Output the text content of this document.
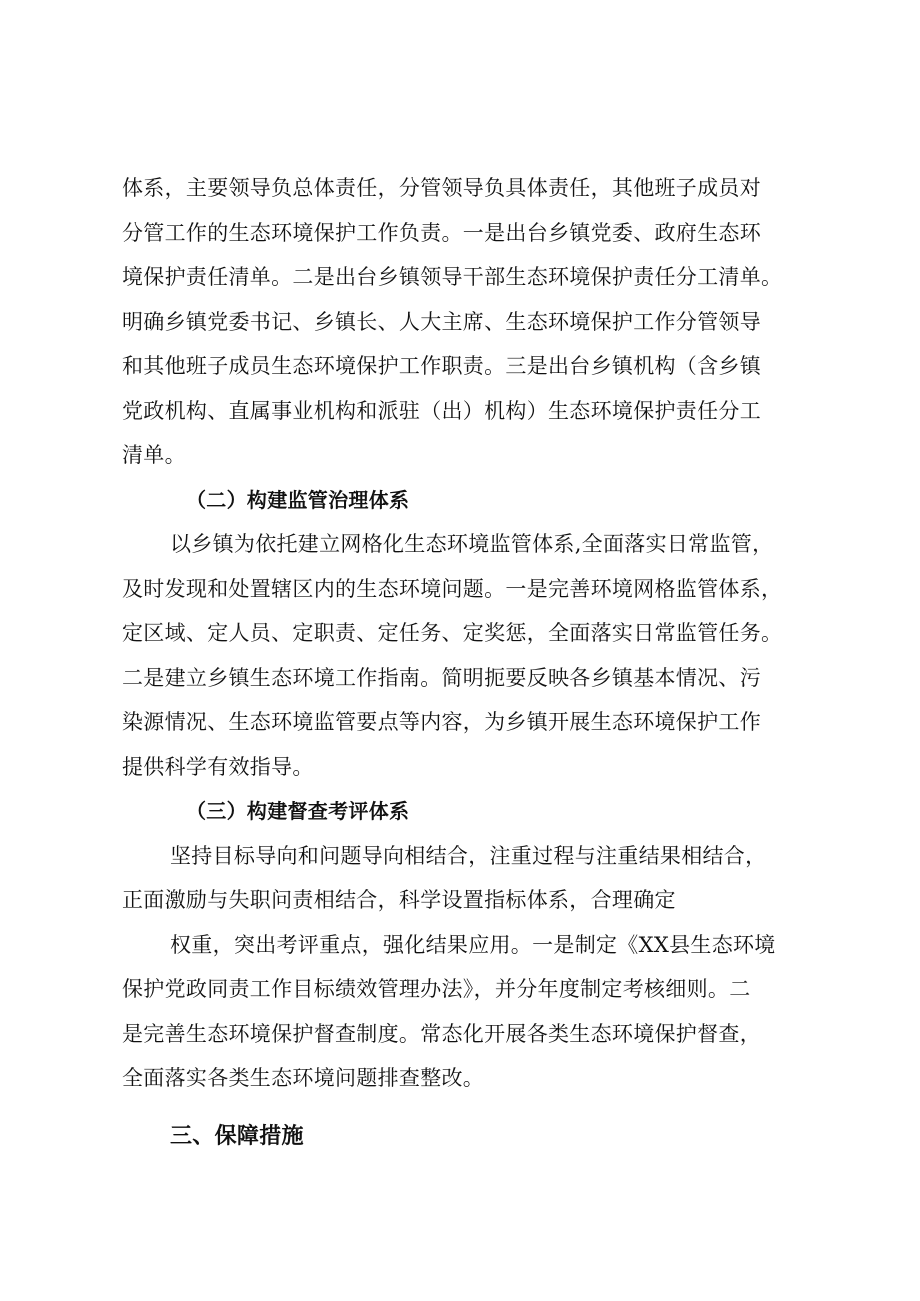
体系，主要领导负总体责任，分管领导负具体责任，其他班子成员对
分管工作的生态环境保护工作负责。一是出台乡镇党委、政府生态环
境保护责任清单。二是出台乡镇领导干部生态环境保护责任分工清单。
明确乡镇党委书记、乡镇长、人大主席、生态环境保护工作分管领导
和其他班子成员生态环境保护工作职责。三是出台乡镇机构（含乡镇
党政机构、直属事业机构和派驻（出）机构）生态环境保护责任分工
清单。
（二）构建监管治理体系
以乡镇为依托建立网格化生态环境监管体系,全面落实日常监管，
及时发现和处置辖区内的生态环境问题。一是完善环境网格监管体系，
定区域、定人员、定职责、定任务、定奖惩，全面落实日常监管任务。
二是建立乡镇生态环境工作指南。简明扼要反映各乡镇基本情况、污
染源情况、生态环境监管要点等内容，为乡镇开展生态环境保护工作
提供科学有效指导。
（三）构建督查考评体系
坚持目标导向和问题导向相结合，注重过程与注重结果相结合，
正面激励与失职问责相结合，科学设置指标体系，合理确定
权重，突出考评重点，强化结果应用。一是制定《XX县生态环境
保护党政同责工作目标绩效管理办法》，并分年度制定考核细则。二
是完善生态环境保护督查制度。常态化开展各类生态环境保护督查，
全面落实各类生态环境问题排查整改。
三、保障措施
